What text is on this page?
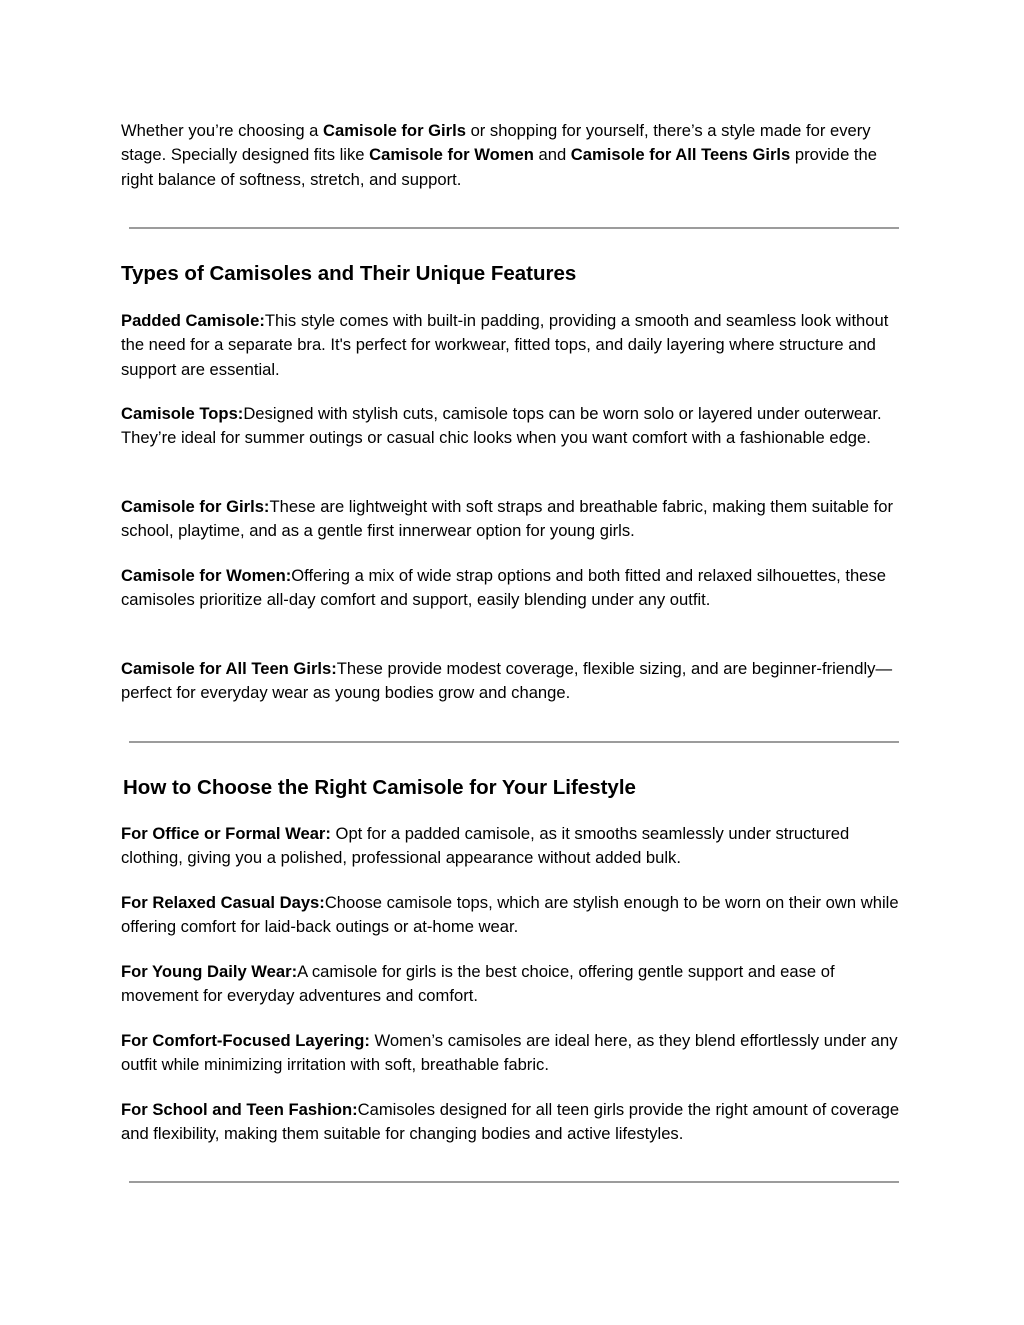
Whether you’re choosing a Camisole for Girls or shopping for yourself, there’s a style made for every stage. Specially designed fits like Camisole for Women and Camisole for All Teens Girls provide the right balance of softness, stretch, and support.

Types of Camisoles and Their Unique Features

Padded Camisole:This style comes with built-in padding, providing a smooth and seamless look without the need for a separate bra. It's perfect for workwear, fitted tops, and daily layering where structure and support are essential.

Camisole Tops:Designed with stylish cuts, camisole tops can be worn solo or layered under outerwear. They’re ideal for summer outings or casual chic looks when you want comfort with a fashionable edge.

Camisole for Girls:These are lightweight with soft straps and breathable fabric, making them suitable for school, playtime, and as a gentle first innerwear option for young girls.

Camisole for Women:Offering a mix of wide strap options and both fitted and relaxed silhouettes, these camisoles prioritize all-day comfort and support, easily blending under any outfit.

Camisole for All Teen Girls:These provide modest coverage, flexible sizing, and are beginner-friendly—perfect for everyday wear as young bodies grow and change.

How to Choose the Right Camisole for Your Lifestyle

For Office or Formal Wear: Opt for a padded camisole, as it smooths seamlessly under structured clothing, giving you a polished, professional appearance without added bulk.

For Relaxed Casual Days:Choose camisole tops, which are stylish enough to be worn on their own while offering comfort for laid-back outings or at-home wear.

For Young Daily Wear:A camisole for girls is the best choice, offering gentle support and ease of movement for everyday adventures and comfort.

For Comfort-Focused Layering: Women’s camisoles are ideal here, as they blend effortlessly under any outfit while minimizing irritation with soft, breathable fabric.

For School and Teen Fashion:Camisoles designed for all teen girls provide the right amount of coverage and flexibility, making them suitable for changing bodies and active lifestyles.
